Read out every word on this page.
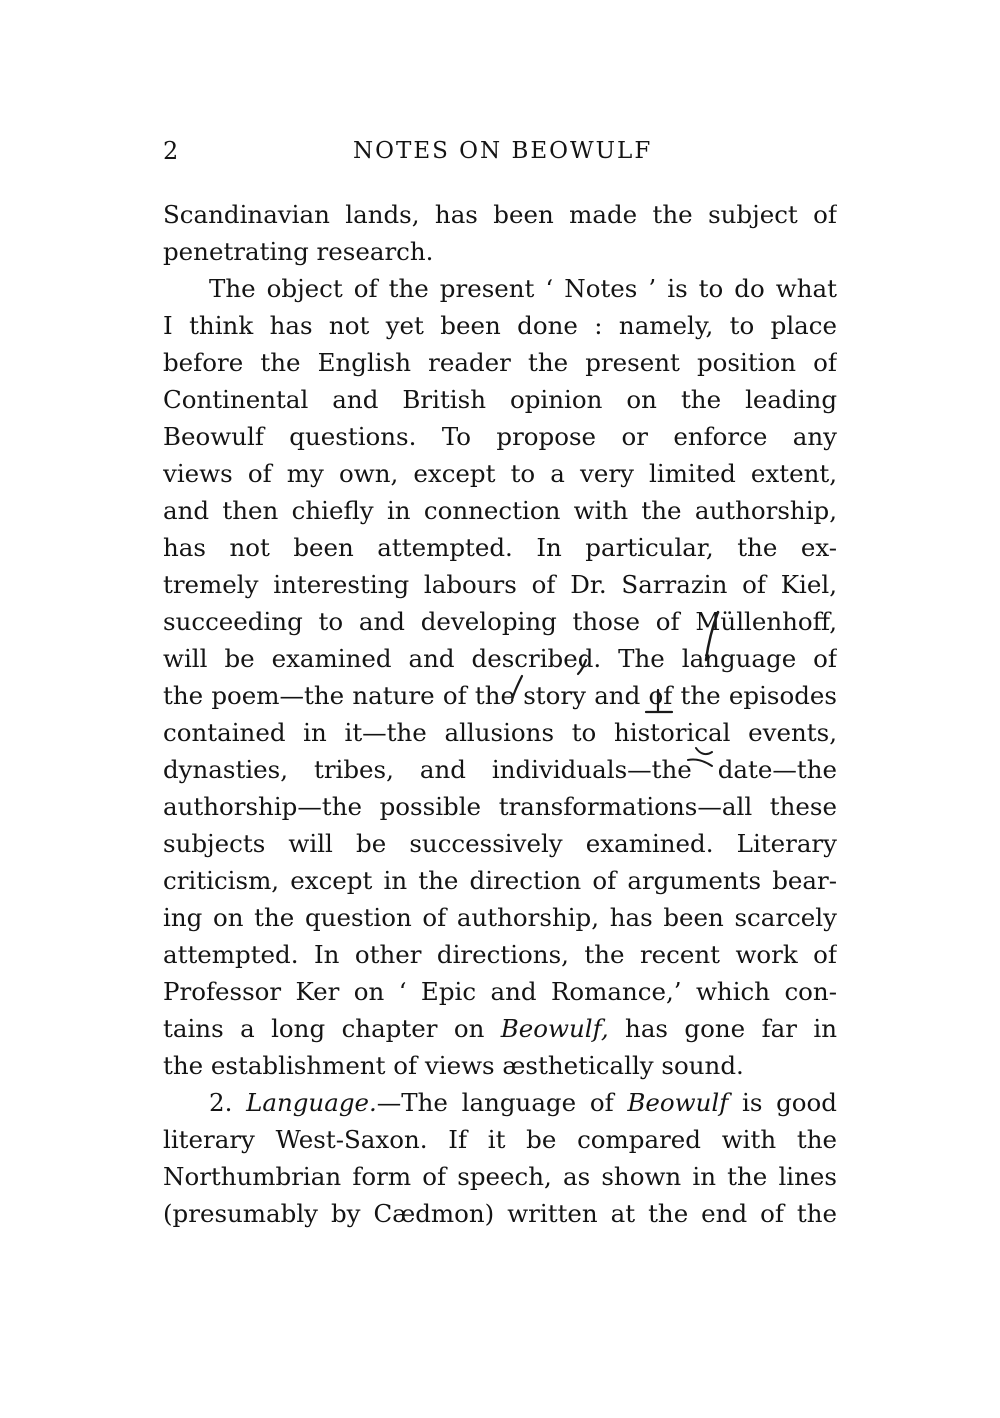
2	NOTES ON BEOWULF
Scandinavian lands, has been made the subject of
penetrating research.
The object of the present ‘ Notes ’ is to do what
I think has not yet been done : namely, to place
before the English reader the present position of
Continental and British opinion on the leading
Beowulf questions. To propose or enforce any
views of my own, except to a very limited extent,
and then chiefly in connection with the authorship,
has not been attempted. In particular, the ex-
tremely interesting labours of Dr. Sarrazin of Kiel,
succeeding to and developing those of Müllenhoff,
will be examined and described. The language of
the poem—the nature of the story and of the episodes
contained in it—the allusions to historical events,
dynasties, tribes, and individuals—the date—the
authorship—the possible transformations—all these
subjects will be successively examined. Literary
criticism, except in the direction of arguments bear-
ing on the question of authorship, has been scarcely
attempted. In other directions, the recent work of
Professor Ker on ‘ Epic and Romance,’ which con-
tains a long chapter on Beowulf, has gone far in
the establishment of views æsthetically sound.
2. Language.—The language of Beowulf is good
literary West-Saxon. If it be compared with the
Northumbrian form of speech, as shown in the lines
(presumably by Cædmon) written at the end of the
